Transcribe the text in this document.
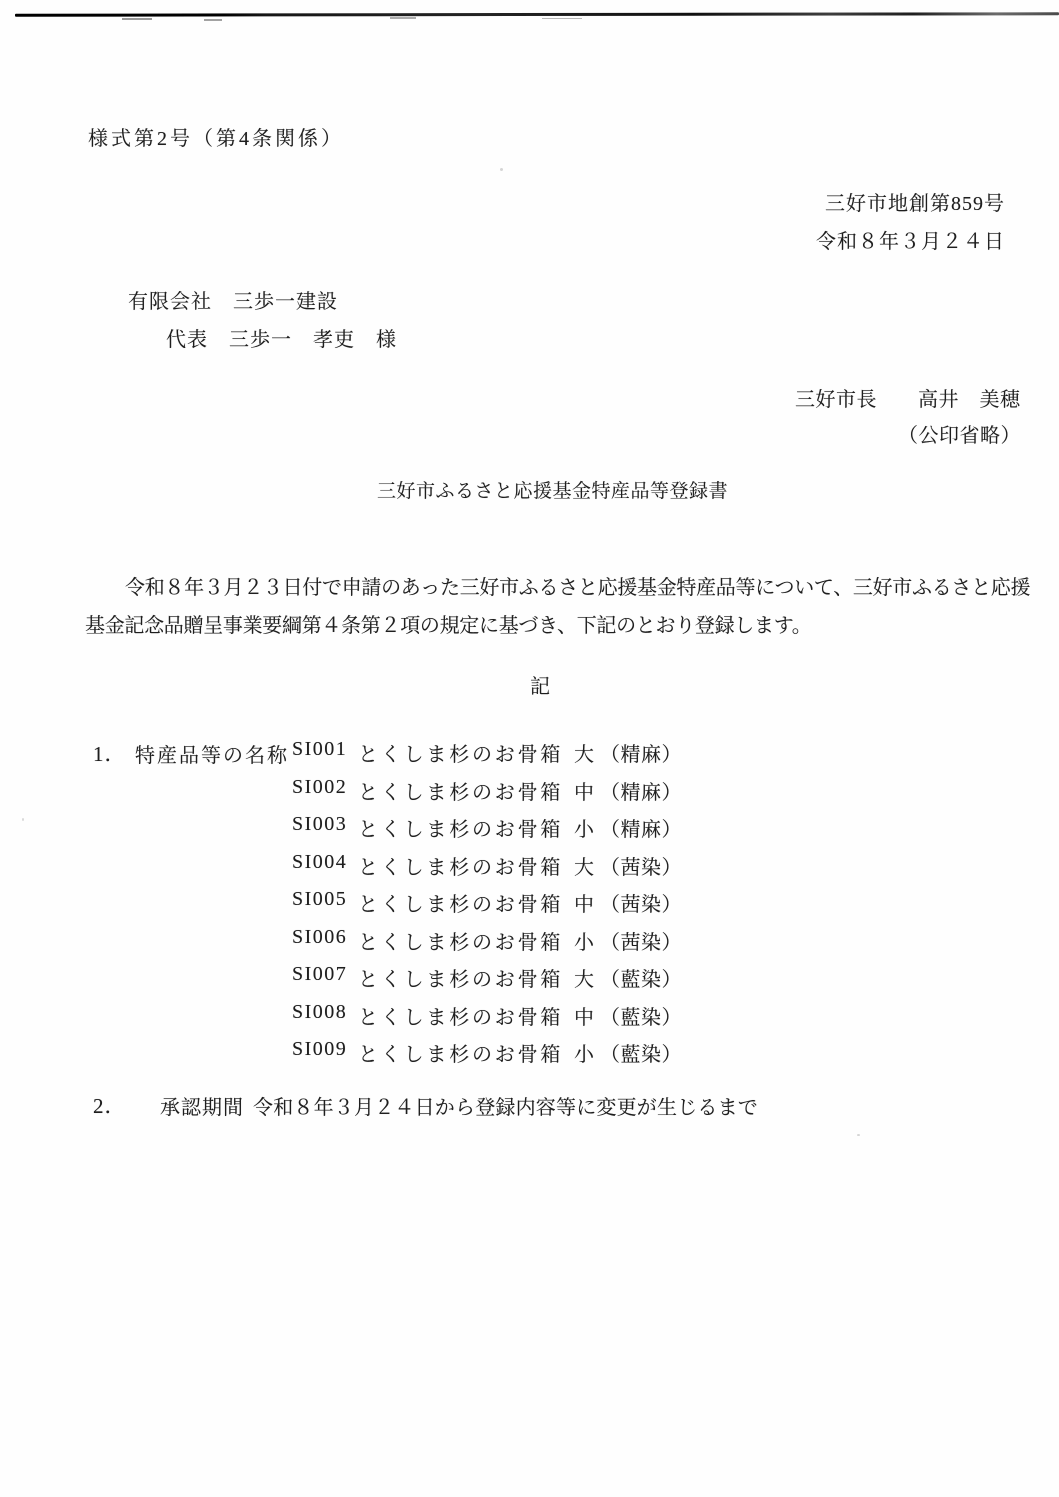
様式第2号（第4条関係）
三好市地創第859号
令和８年３月２４日
有限会社　三歩一建設
代表　三歩一　孝吏　様
三好市長　　高井　美穂
（公印省略）
三好市ふるさと応援基金特産品等登録書
令和８年３月２３日付で申請のあった三好市ふるさと応援基金特産品等について、三好市ふるさと応援
基金記念品贈呈事業要綱第４条第２項の規定に基づき、下記のとおり登録します。
記
1． 特産品等の名称 SI001 とくしま杉のお骨箱 大 （精麻）
SI002 とくしま杉のお骨箱 中 （精麻）
SI003 とくしま杉のお骨箱 小 （精麻）
SI004 とくしま杉のお骨箱 大 （茜染）
SI005 とくしま杉のお骨箱 中 （茜染）
SI006 とくしま杉のお骨箱 小 （茜染）
SI007 とくしま杉のお骨箱 大 （藍染）
SI008 とくしま杉のお骨箱 中 （藍染）
SI009 とくしま杉のお骨箱 小 （藍染）
2． 承認期間 令和８年３月２４日から登録内容等に変更が生じるまで
